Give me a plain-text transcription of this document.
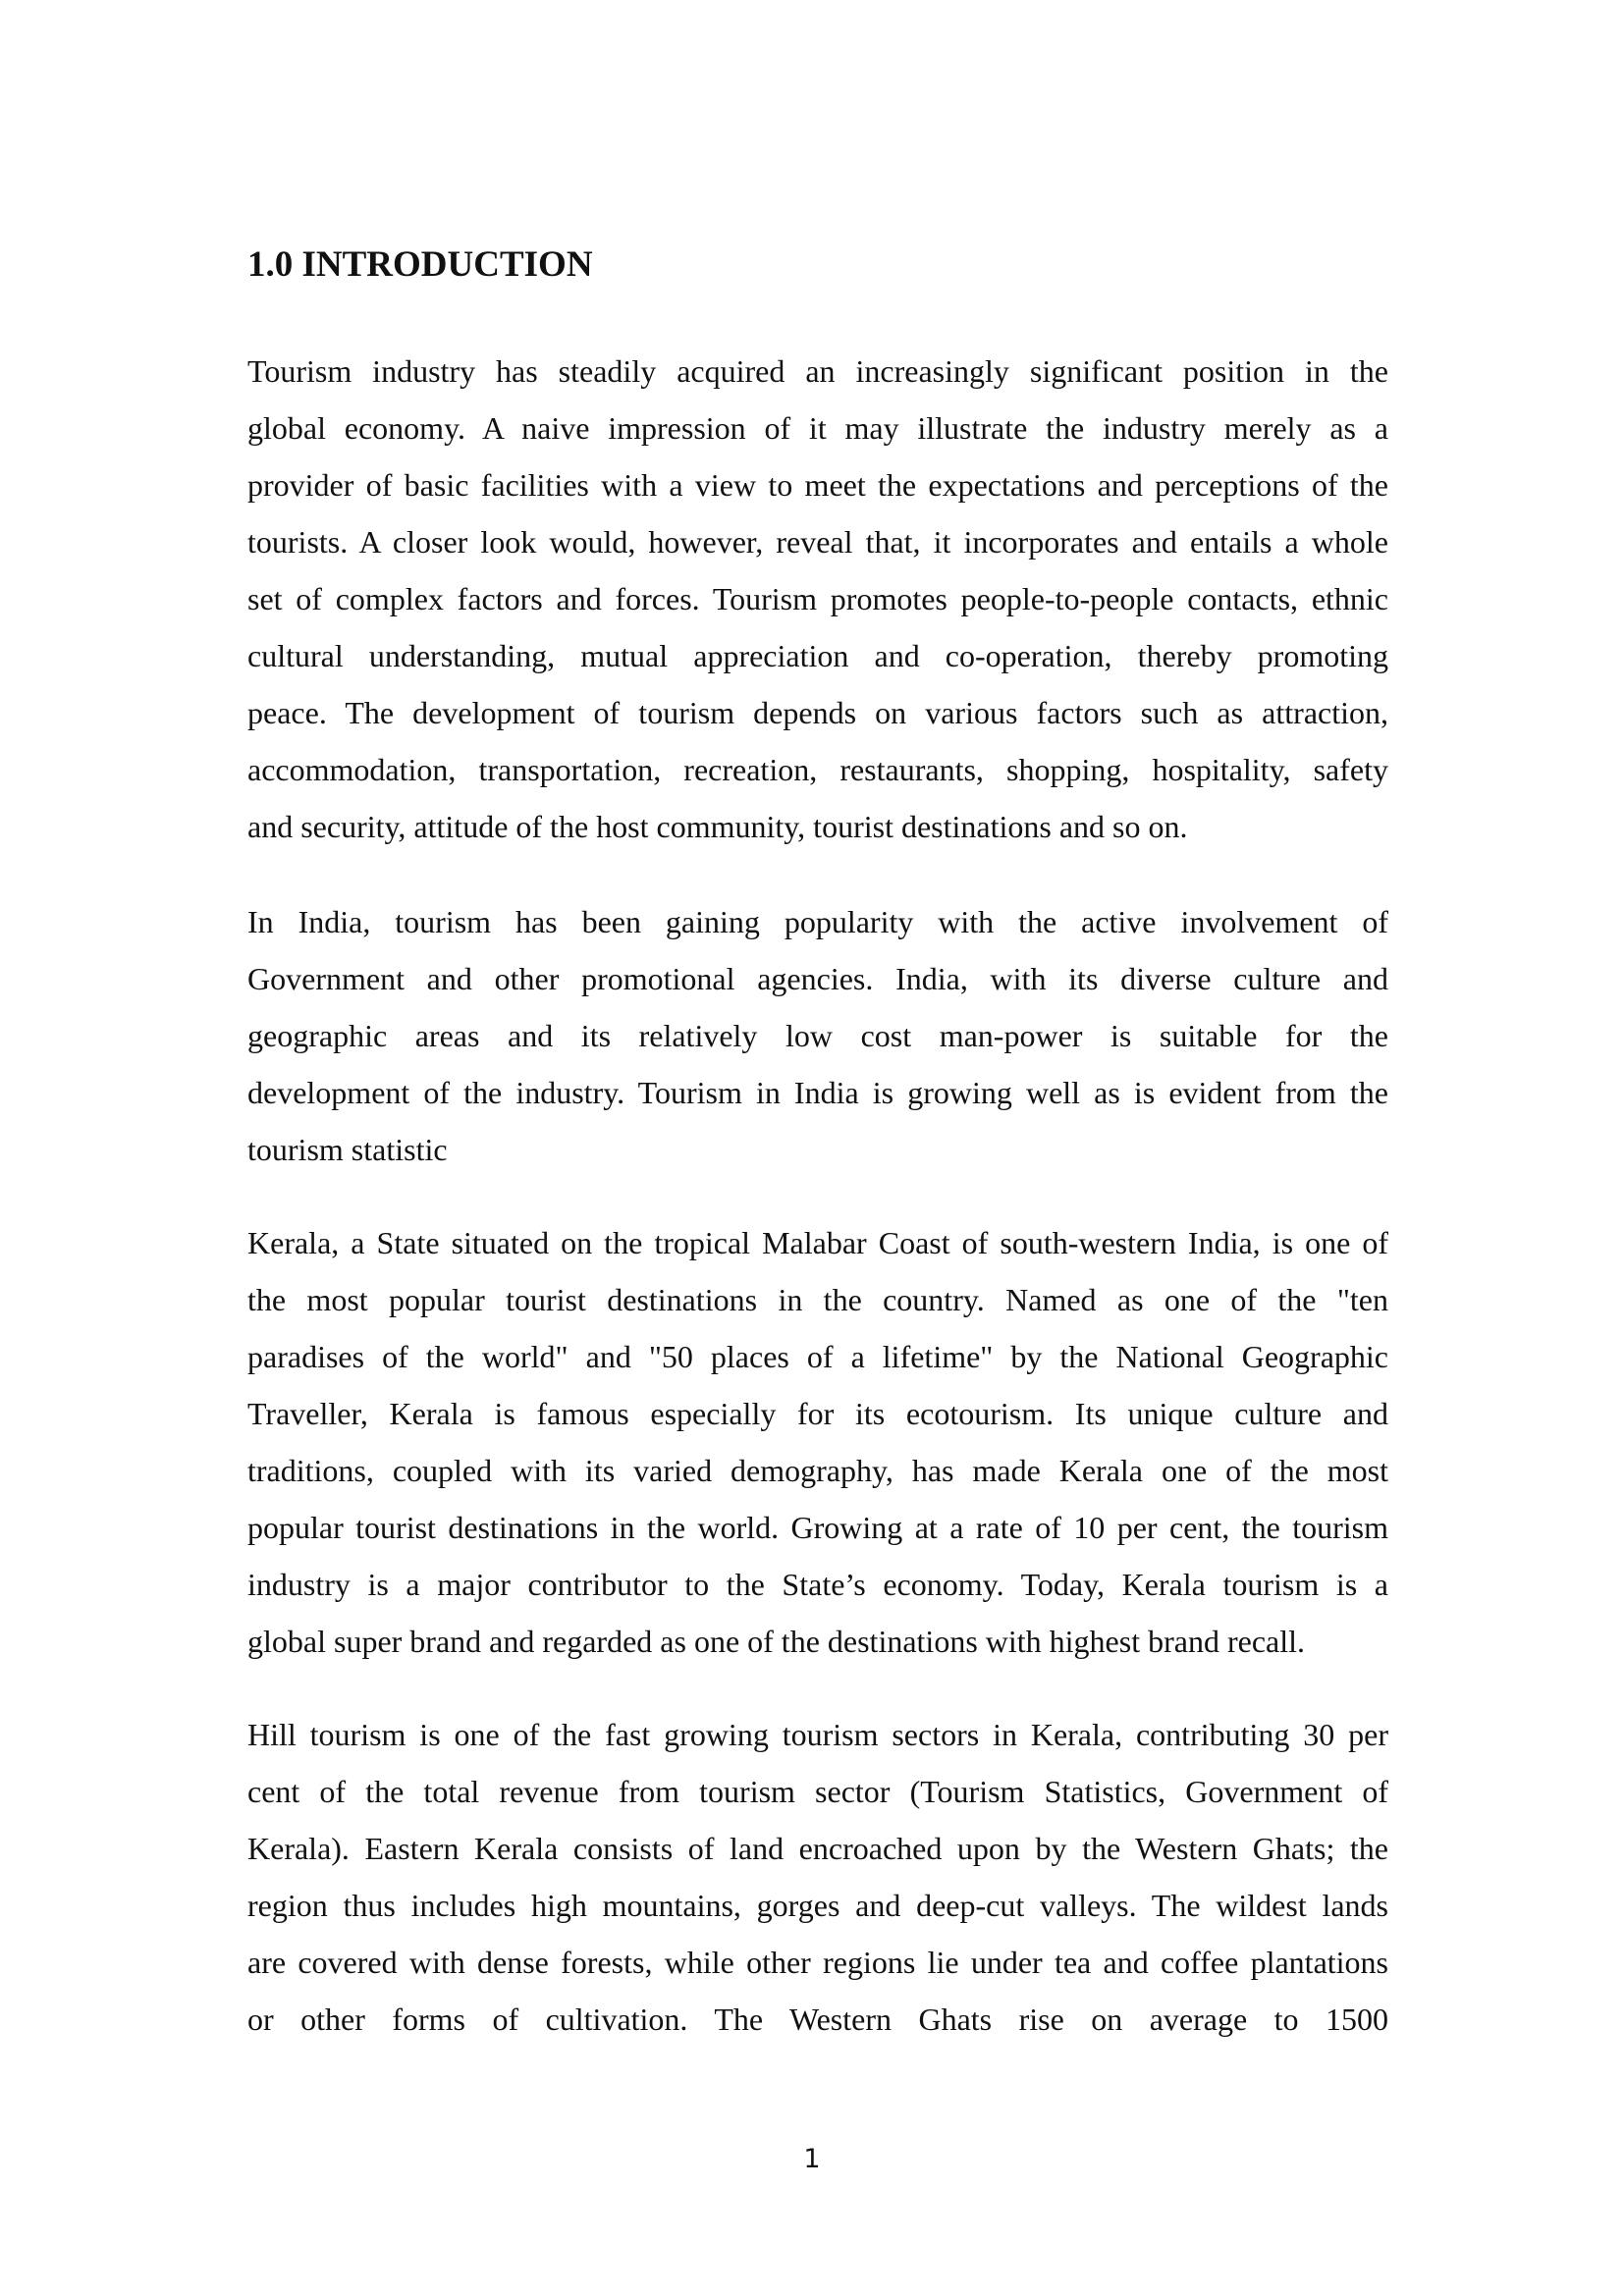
1.0 INTRODUCTION
Tourism industry has steadily acquired an increasingly significant position in the
global economy. A naive impression of it may illustrate the industry merely as a
provider of basic facilities with a view to meet the expectations and perceptions of the
tourists. A closer look would, however, reveal that, it incorporates and entails a whole
set of complex factors and forces. Tourism promotes people-to-people contacts, ethnic
cultural understanding, mutual appreciation and co-operation, thereby promoting
peace. The development of tourism depends on various factors such as attraction,
accommodation, transportation, recreation, restaurants, shopping, hospitality, safety
and security, attitude of the host community, tourist destinations and so on.
In India, tourism has been gaining popularity with the active involvement of
Government and other promotional agencies. India, with its diverse culture and
geographic areas and its relatively low cost man-power is suitable for the
development of the industry. Tourism in India is growing well as is evident from the
tourism statistic
Kerala, a State situated on the tropical Malabar Coast of south-western India, is one of
the most popular tourist destinations in the country. Named as one of the "ten
paradises of the world" and "50 places of a lifetime" by the National Geographic
Traveller, Kerala is famous especially for its ecotourism. Its unique culture and
traditions, coupled with its varied demography, has made Kerala one of the most
popular tourist destinations in the world. Growing at a rate of 10 per cent, the tourism
industry is a major contributor to the State’s economy. Today, Kerala tourism is a
global super brand and regarded as one of the destinations with highest brand recall.
Hill tourism is one of the fast growing tourism sectors in Kerala, contributing 30 per
cent of the total revenue from tourism sector (Tourism Statistics, Government of
Kerala). Eastern Kerala consists of land encroached upon by the Western Ghats; the
region thus includes high mountains, gorges and deep-cut valleys. The wildest lands
are covered with dense forests, while other regions lie under tea and coffee plantations
or other forms of cultivation. The Western Ghats rise on average to 1500
1
